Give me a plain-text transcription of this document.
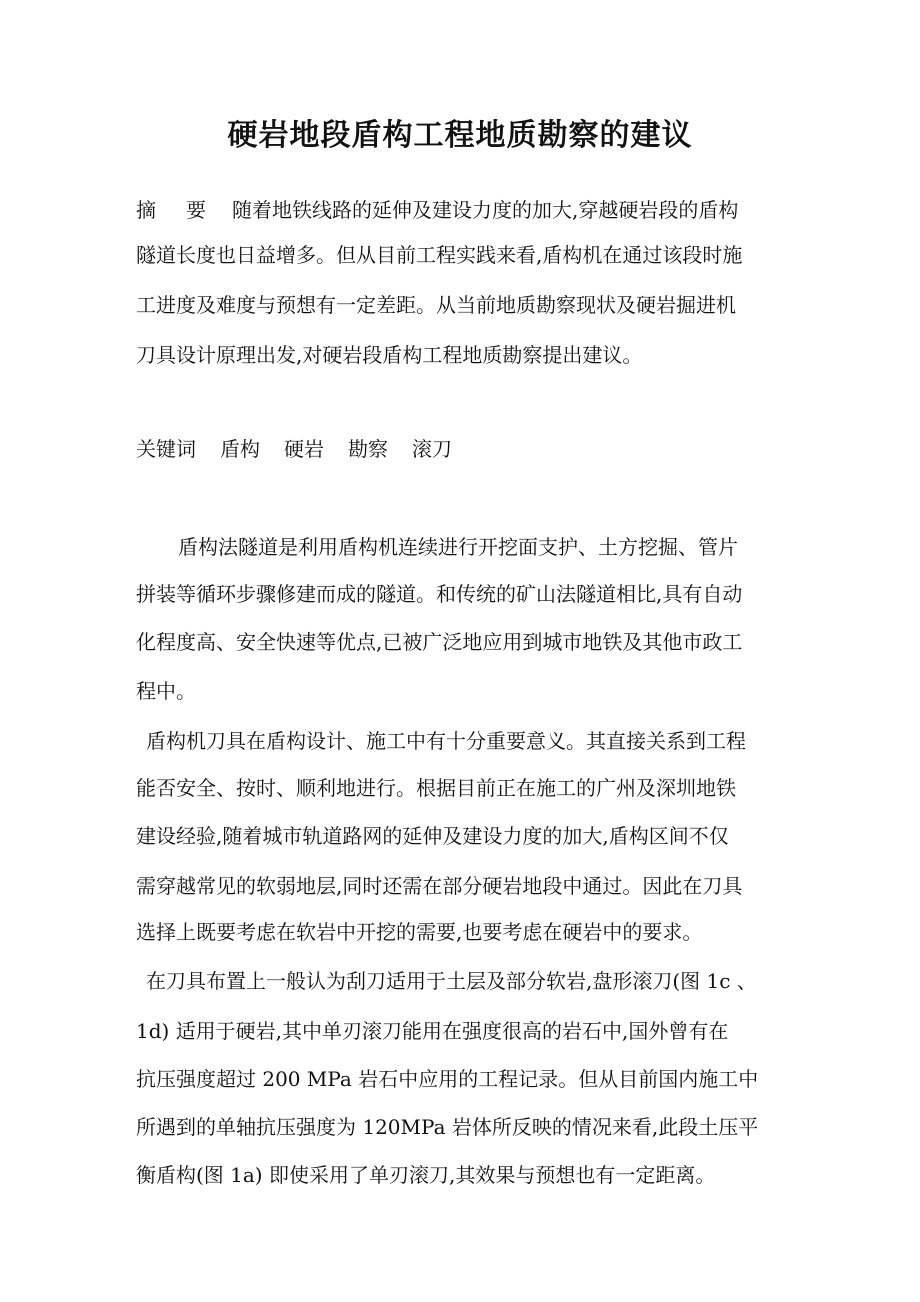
硬岩地段盾构工程地质勘察的建议

摘 要 随着地铁线路的延伸及建设力度的加大,穿越硬岩段的盾构

隧道长度也日益增多。但从目前工程实践来看,盾构机在通过该段时施

工进度及难度与预想有一定差距。从当前地质勘察现状及硬岩掘进机

刀具设计原理出发,对硬岩段盾构工程地质勘察提出建议。

关键词 盾构 硬岩 勘察 滚刀

盾构法隧道是利用盾构机连续进行开挖面支护、土方挖掘、管片

拼装等循环步骤修建而成的隧道。和传统的矿山法隧道相比,具有自动

化程度高、安全快速等优点,已被广泛地应用到城市地铁及其他市政工

程中。

盾构机刀具在盾构设计、施工中有十分重要意义。其直接关系到工程

能否安全、按时、顺利地进行。根据目前正在施工的广州及深圳地铁

建设经验,随着城市轨道路网的延伸及建设力度的加大,盾构区间不仅

需穿越常见的软弱地层,同时还需在部分硬岩地段中通过。因此在刀具

选择上既要考虑在软岩中开挖的需要,也要考虑在硬岩中的要求。

在刀具布置上一般认为刮刀适用于土层及部分软岩,盘形滚刀(图 1c 、

1d) 适用于硬岩,其中单刃滚刀能用在强度很高的岩石中,国外曾有在

抗压强度超过 200 MPa 岩石中应用的工程记录。但从目前国内施工中

所遇到的单轴抗压强度为 120MPa 岩体所反映的情况来看,此段土压平

衡盾构(图 1a) 即使采用了单刃滚刀,其效果与预想也有一定距离。
